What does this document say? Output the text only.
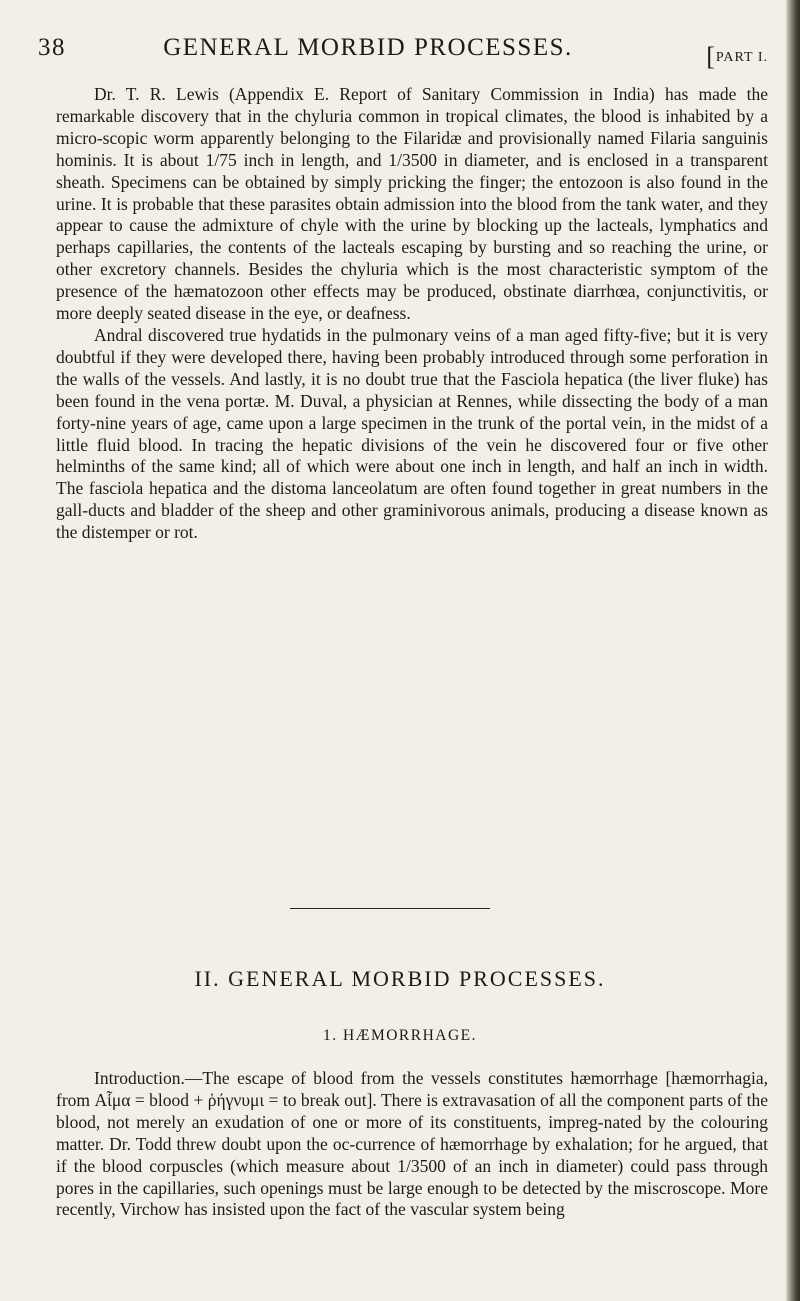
38	GENERAL MORBID PROCESSES.	[PART I.

Dr. T. R. Lewis (Appendix E. Report of Sanitary Commission in India) has made the remarkable discovery that in the chyluria common in tropical climates, the blood is inhabited by a micro-scopic worm apparently belonging to the Filaridæ and provisionally named Filaria sanguinis hominis. It is about 1/75 inch in length, and 1/3500 in diameter, and is enclosed in a transparent sheath. Specimens can be obtained by simply pricking the finger; the entozoon is also found in the urine. It is probable that these parasites obtain admission into the blood from the tank water, and they appear to cause the admixture of chyle with the urine by blocking up the lacteals, lymphatics and perhaps capillaries, the contents of the lacteals escaping by bursting and so reaching the urine, or other excretory channels. Besides the chyluria which is the most characteristic symptom of the presence of the hæmatozoon other effects may be produced, obstinate diarrhœa, conjunctivitis, or more deeply seated disease in the eye, or deafness.

Andral discovered true hydatids in the pulmonary veins of a man aged fifty-five; but it is very doubtful if they were developed there, having been probably introduced through some perforation in the walls of the vessels. And lastly, it is no doubt true that the Fasciola hepatica (the liver fluke) has been found in the vena portæ. M. Duval, a physician at Rennes, while dissecting the body of a man forty-nine years of age, came upon a large specimen in the trunk of the portal vein, in the midst of a little fluid blood. In tracing the hepatic divisions of the vein he discovered four or five other helminths of the same kind; all of which were about one inch in length, and half an inch in width. The fasciola hepatica and the distoma lanceolatum are often found together in great numbers in the gall-ducts and bladder of the sheep and other graminivorous animals, producing a disease known as the distemper or rot.

II. GENERAL MORBID PROCESSES.
1. HÆMORRHAGE.

Introduction.—The escape of blood from the vessels constitutes hæmorrhage [hæmorrhagia, from Αἷμα = blood + ῥήγνυμι = to break out]. There is extravasation of all the component parts of the blood, not merely an exudation of one or more of its constituents, impreg-nated by the colouring matter. Dr. Todd threw doubt upon the oc-currence of hæmorrhage by exhalation; for he argued, that if the blood corpuscles (which measure about 1/3500 of an inch in diameter) could pass through pores in the capillaries, such openings must be large enough to be detected by the miscroscope. More recently, Virchow has insisted upon the fact of the vascular system being
